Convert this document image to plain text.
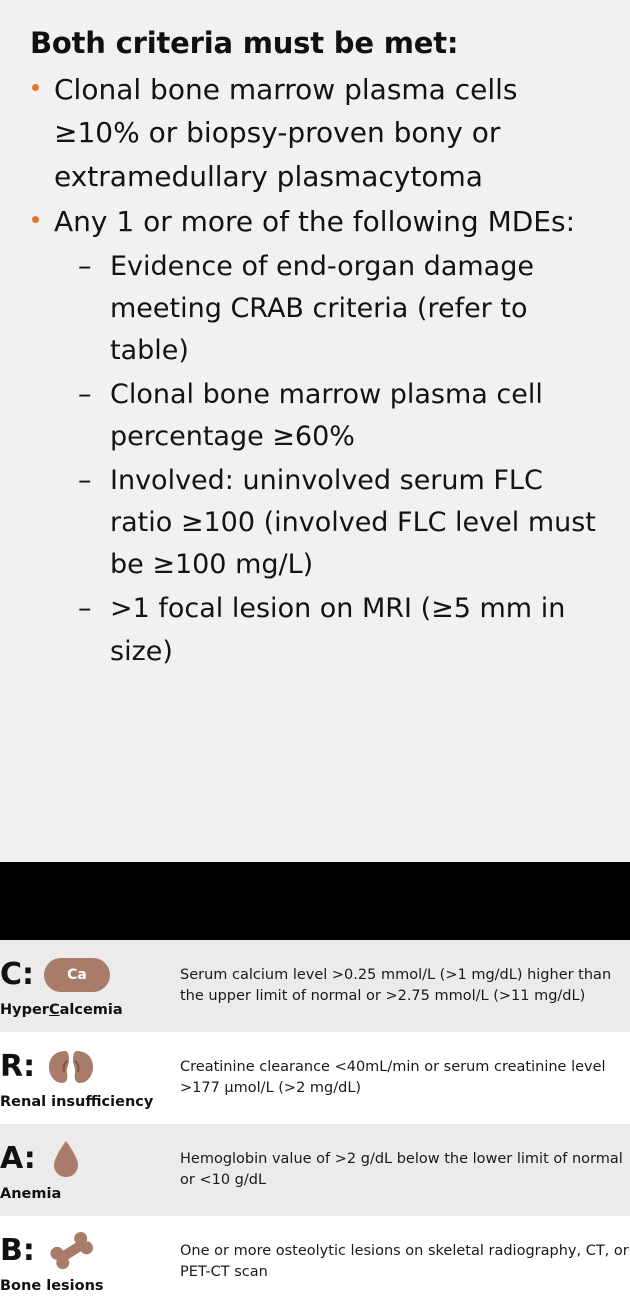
Both criteria must be met:
Clonal bone marrow plasma cells ≥10% or biopsy-proven bony or extramedullary plasmacytoma
Any 1 or more of the following MDEs:
– Evidence of end-organ damage meeting CRAB criteria (refer to table)
– Clonal bone marrow plasma cell percentage ≥60%
– Involved: uninvolved serum FLC ratio ≥100 (involved FLC level must be ≥100 mg/L)
– >1 focal lesion on MRI (≥5 mm in size)
C: Ca
HyperCalcemia	Serum calcium level >0.25 mmol/L (>1 mg/dL) higher than the upper limit of normal or >2.75 mmol/L (>11 mg/dL)

R:
Renal insufficiency	Creatinine clearance <40mL/min or serum creatinine level >177 μmol/L (>2 mg/dL)

A:
Anemia	Hemoglobin value of >2 g/dL below the lower limit of normal or <10 g/dL

B:
Bone lesions	One or more osteolytic lesions on skeletal radiography, CT, or PET-CT scan
